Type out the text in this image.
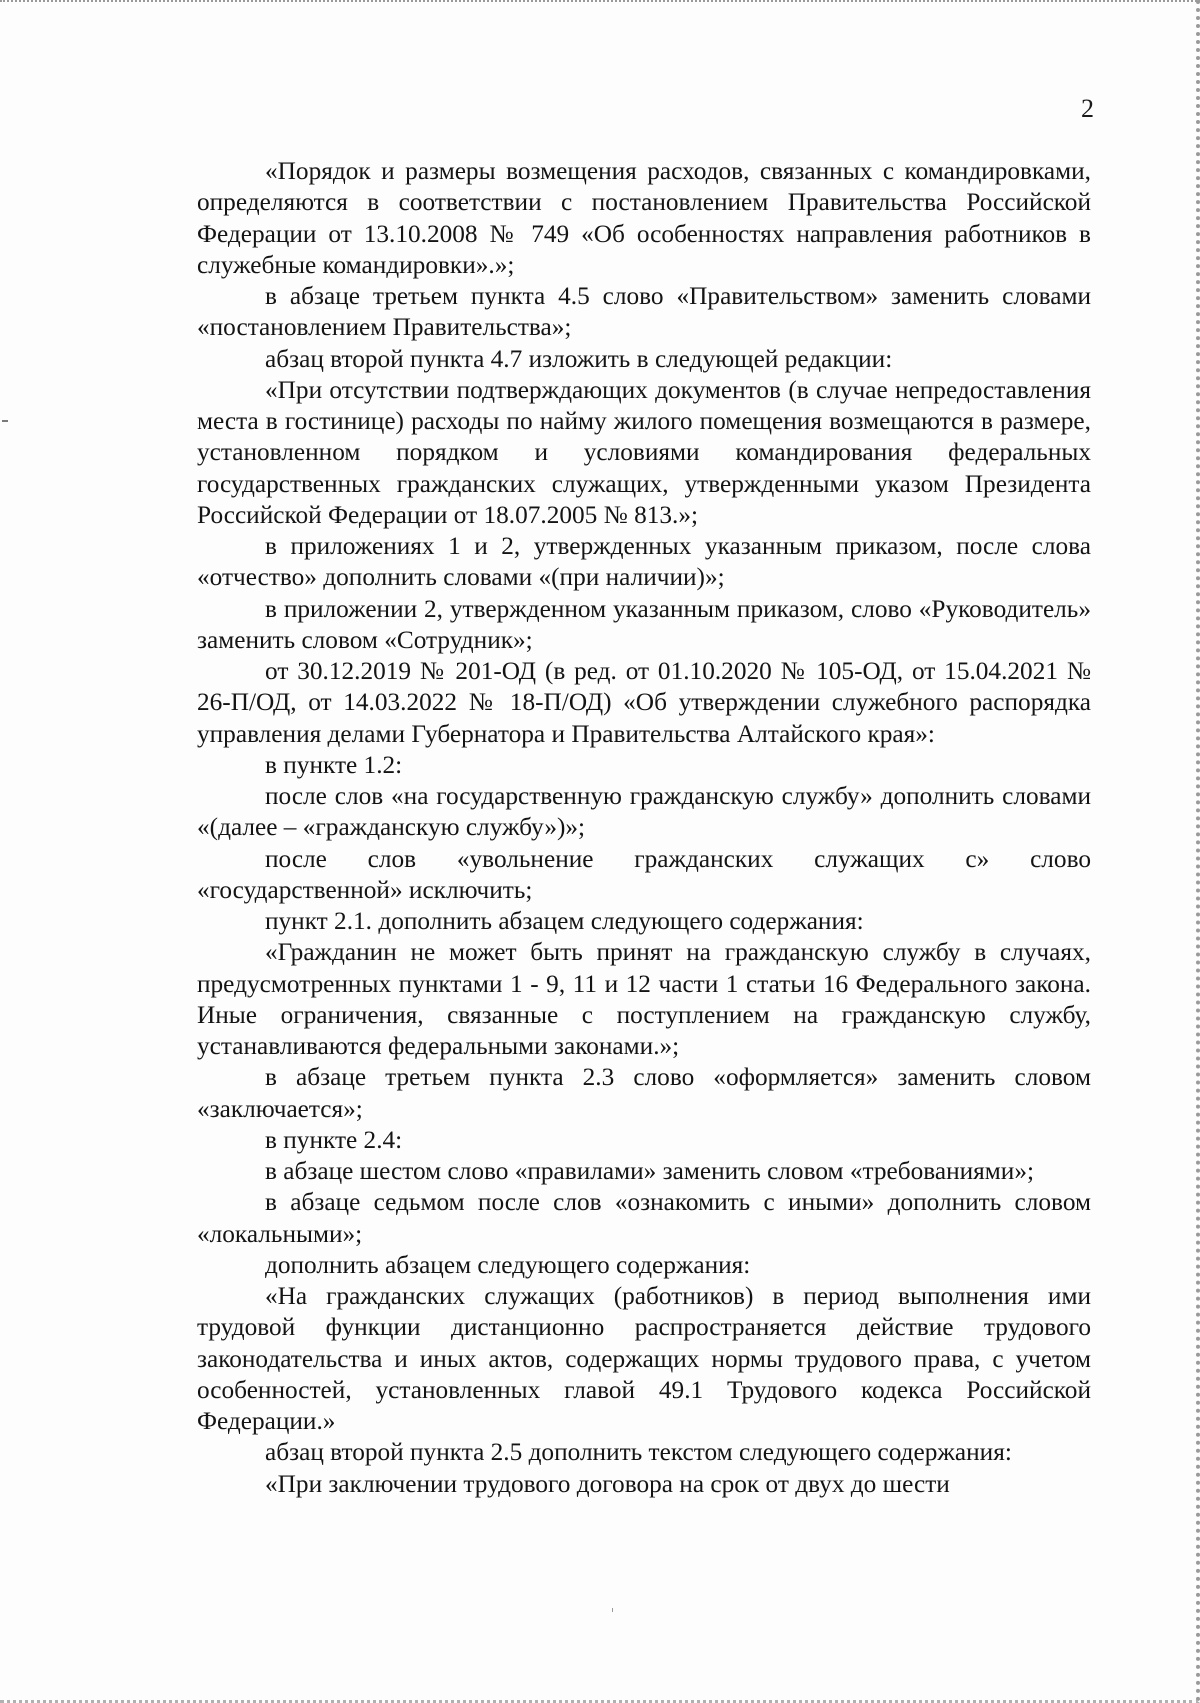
2

«Порядок и размеры возмещения расходов, связанных с командировками, определяются в соответствии с постановлением Правительства Российской Федерации от 13.10.2008 № 749 «Об особенностях направления работников в служебные командировки».»;

в абзаце третьем пункта 4.5 слово «Правительством» заменить словами «постановлением Правительства»;

абзац второй пункта 4.7 изложить в следующей редакции:

«При отсутствии подтверждающих документов (в случае непредоставления места в гостинице) расходы по найму жилого помещения возмещаются в размере, установленном порядком и условиями командирования федеральных государственных гражданских служащих, утвержденными указом Президента Российской Федерации от 18.07.2005 № 813.»;

в приложениях 1 и 2, утвержденных указанным приказом, после слова «отчество» дополнить словами «(при наличии)»;

в приложении 2, утвержденном указанным приказом, слово «Руководитель» заменить словом «Сотрудник»;

от 30.12.2019 № 201-ОД (в ред. от 01.10.2020 № 105-ОД, от 15.04.2021 № 26-П/ОД, от 14.03.2022 № 18-П/ОД) «Об утверждении служебного распорядка управления делами Губернатора и Правительства Алтайского края»:

в пункте 1.2:

после слов «на государственную гражданскую службу» дополнить словами «(далее – «гражданскую службу»)»;

после слов «увольнение гражданских служащих с» слово «государственной» исключить;

пункт 2.1. дополнить абзацем следующего содержания:

«Гражданин не может быть принят на гражданскую службу в случаях, предусмотренных пунктами 1 - 9, 11 и 12 части 1 статьи 16 Федерального закона. Иные ограничения, связанные с поступлением на гражданскую службу, устанавливаются федеральными законами.»;

в абзаце третьем пункта 2.3 слово «оформляется» заменить словом «заключается»;

в пункте 2.4:

в абзаце шестом слово «правилами» заменить словом «требованиями»;

в абзаце седьмом после слов «ознакомить с иными» дополнить словом «локальными»;

дополнить абзацем следующего содержания:

«На гражданских служащих (работников) в период выполнения ими трудовой функции дистанционно распространяется действие трудового законодательства и иных актов, содержащих нормы трудового права, с учетом особенностей, установленных главой 49.1 Трудового кодекса Российской Федерации.»

абзац второй пункта 2.5 дополнить текстом следующего содержания:

«При заключении трудового договора на срок от двух до шести
